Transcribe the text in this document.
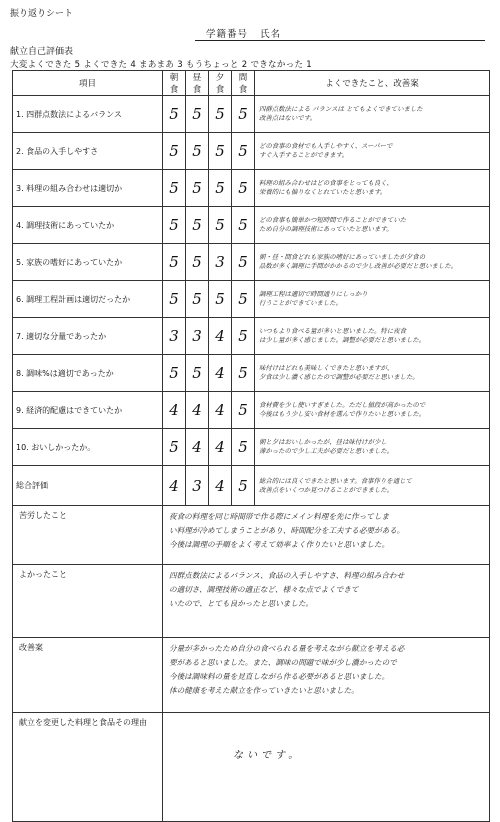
振り返りシート
学籍番号 氏名
献立自己評価表
大変よくできた 5 よくできた 4 まあまあ 3 もうちょっと 2 できなかった 1
項目	朝食	昼食	夕食	間食	よくできたこと、改善案
1. 四群点数法によるバランス	5	5	5	5	四群点数法による バランスは とてもよくできていました
改善点はないです。

2. 食品の入手しやすさ	5	5	5	5	どの食事の食材でも入手しやすく、スーパーで
すぐ入手することができます。

3. 料理の組み合わせは適切か	5	5	5	5	料理の組み合わせはどの食事をとっても良く、
栄養的にも偏りなくとれていたと思います。

4. 調理技術にあっていたか	5	5	5	5	どの食事も簡単かつ短時間で作ることができていた
ため自分の調理技術にあっていたと思います。

5. 家族の嗜好にあっていたか	5	5	3	5	朝・昼・間食どれも家族の嗜好にあっていましたが夕食の
品数が多く調理に手間がかかるので少し改善が必要だと思いました。

6. 調理工程計画は適切だったか	5	5	5	5	調理工程は適切で時間通りにしっかり
行うことができていました。

7. 適切な分量であったか	3	3	4	5	いつもより食べる量が多いと思いました。特に夜食
は少し量が多く感じました。調整が必要だと思いました。

8. 調味%は適切であったか	5	5	4	5	味付けはどれも美味しくできたと思いますが、
夕食は少し濃く感じたので調整が必要だと思いました。

9. 経済的配慮はできていたか	4	4	4	5	食材費を少し使いすぎました。ただし値段が高かったので
今後はもう少し安い食材を選んで作りたいと思いました。

10. おいしかったか。	5	4	4	5	朝と夕はおいしかったが、昼は味付けが少し
薄かったので少し工夫が必要だと思いました。

総合評価	4	3	4	5	総合的には良くできたと思います。食事作りを通じて
改善点をいくつか見つけることができました。

苦労したこと	夜食の料理を同じ時間帯で作る際にメイン料理を先に作ってしま
い料理が冷めてしまうことがあり、時間配分を工夫する必要がある。
今後は調理の手順をよく考えて効率よく作りたいと思いました。				

よかったこと	四群点数法によるバランス、食品の入手しやすさ、料理の組み合わせ
の適切さ、調理技術の適正など、様々な点でよくできて
いたので、とても良かったと思いました。				

改善案	分量が多かったため自分の食べられる量を考えながら献立を考える必
要があると思いました。また、調味の問題で味が少し濃かったので
今後は調味料の量を見直しながら作る必要があると思いました。
体の健康を考えた献立を作っていきたいと思いました。				

献立を変更した料理と食品その理由	ないです。				
